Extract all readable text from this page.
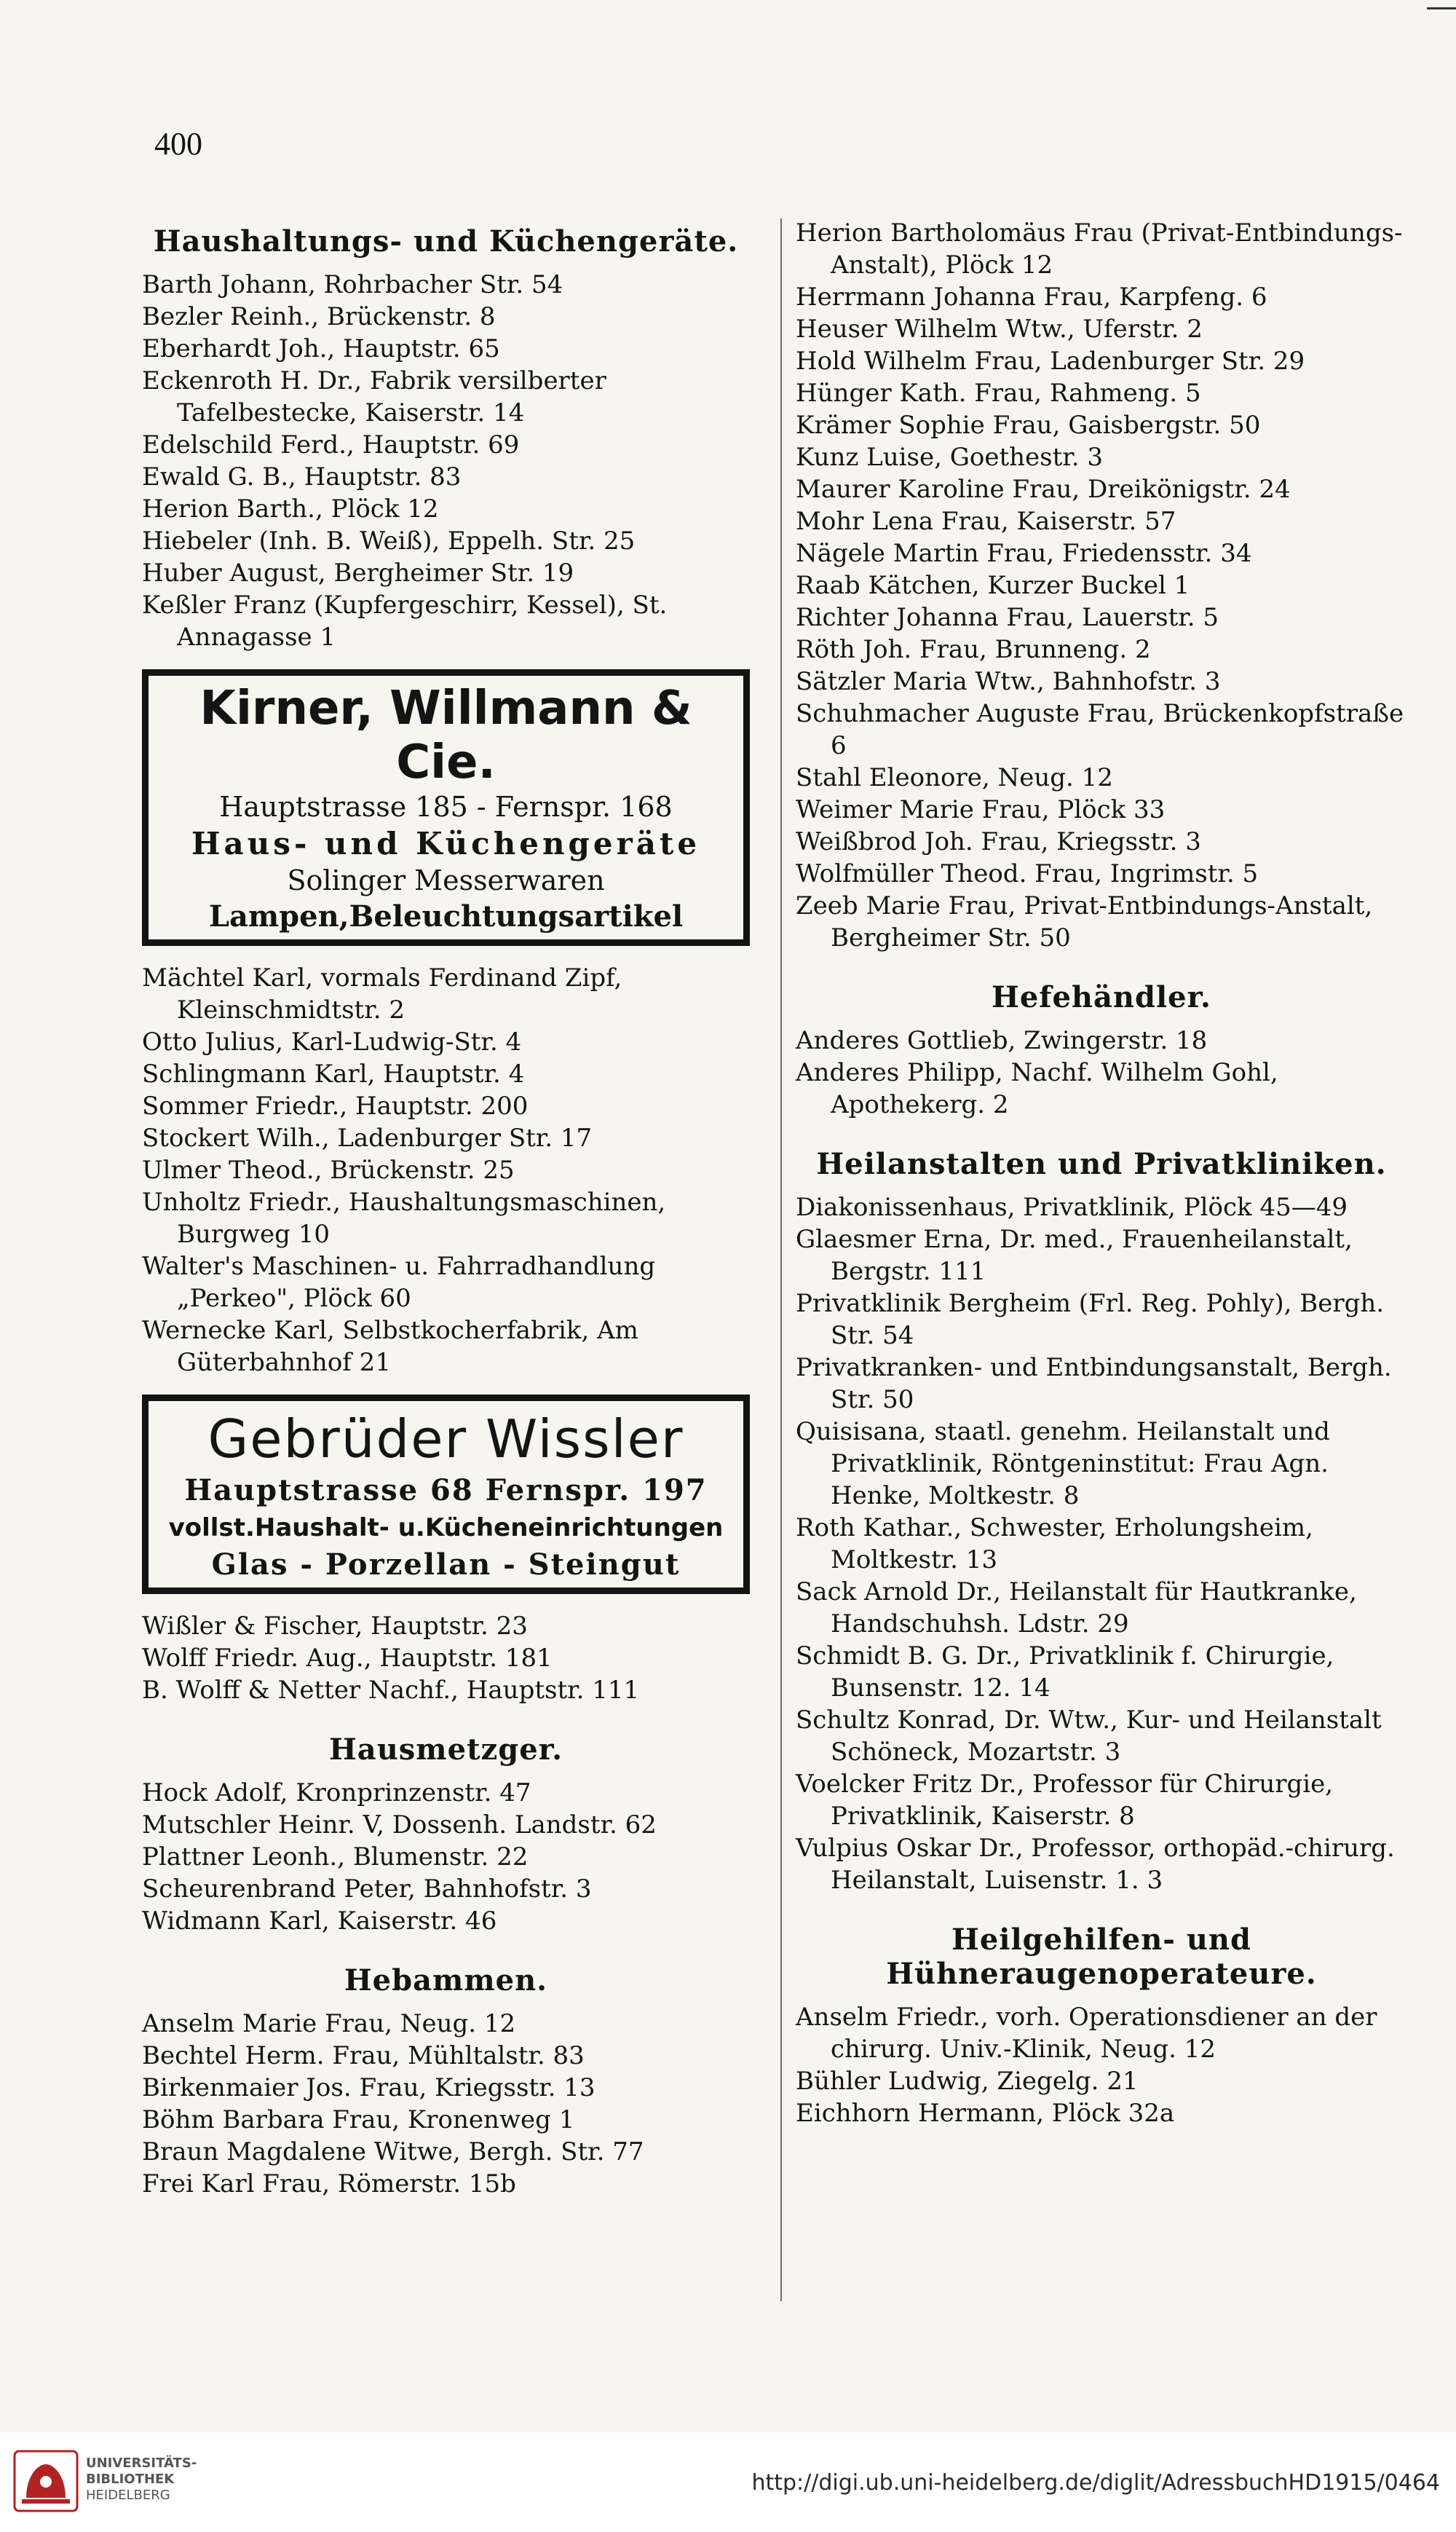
400
Haushaltungs- und Küchengeräte.
Barth Johann, Rohrbacher Str. 54
Bezler Reinh., Brückenstr. 8
Eberhardt Joh., Hauptstr. 65
Eckenroth H. Dr., Fabrik versilberter Tafelbestecke, Kaiserstr. 14
Edelschild Ferd., Hauptstr. 69
Ewald G. B., Hauptstr. 83
Herion Barth., Plöck 12
Hiebeler (Inh. B. Weiß), Eppelh. Str. 25
Huber August, Bergheimer Str. 19
Keßler Franz (Kupfergeschirr, Kessel), St. Annagasse 1
Kirner, Willmann & Cie.
Hauptstrasse 185 - Fernspr. 168
Haus- und Küchengeräte
Solinger Messerwaren
Lampen,Beleuchtungsartikel
Mächtel Karl, vormals Ferdinand Zipf, Kleinschmidtstr. 2
Otto Julius, Karl-Ludwig-Str. 4
Schlingmann Karl, Hauptstr. 4
Sommer Friedr., Hauptstr. 200
Stockert Wilh., Ladenburger Str. 17
Ulmer Theod., Brückenstr. 25
Unholtz Friedr., Haushaltungsmaschinen, Burgweg 10
Walter's Maschinen- u. Fahrradhandlung „Perkeo", Plöck 60
Wernecke Karl, Selbstkocherfabrik, Am Güterbahnhof 21
Gebrüder Wissler
Hauptstrasse 68 Fernspr. 197
vollst.Haushalt- u.Kücheneinrichtungen
Glas - Porzellan - Steingut
Wißler & Fischer, Hauptstr. 23
Wolff Friedr. Aug., Hauptstr. 181
B. Wolff & Netter Nachf., Hauptstr. 111
Hausmetzger.
Hock Adolf, Kronprinzenstr. 47
Mutschler Heinr. V, Dossenh. Landstr. 62
Plattner Leonh., Blumenstr. 22
Scheurenbrand Peter, Bahnhofstr. 3
Widmann Karl, Kaiserstr. 46
Hebammen.
Anselm Marie Frau, Neug. 12
Bechtel Herm. Frau, Mühltalstr. 83
Birkenmaier Jos. Frau, Kriegsstr. 13
Böhm Barbara Frau, Kronenweg 1
Braun Magdalene Witwe, Bergh. Str. 77
Frei Karl Frau, Römerstr. 15b
Herion Bartholomäus Frau (Privat-Entbindungs-Anstalt), Plöck 12
Herrmann Johanna Frau, Karpfeng. 6
Heuser Wilhelm Wtw., Uferstr. 2
Hold Wilhelm Frau, Ladenburger Str. 29
Hünger Kath. Frau, Rahmeng. 5
Krämer Sophie Frau, Gaisbergstr. 50
Kunz Luise, Goethestr. 3
Maurer Karoline Frau, Dreikönigstr. 24
Mohr Lena Frau, Kaiserstr. 57
Nägele Martin Frau, Friedensstr. 34
Raab Kätchen, Kurzer Buckel 1
Richter Johanna Frau, Lauerstr. 5
Röth Joh. Frau, Brunneng. 2
Sätzler Maria Wtw., Bahnhofstr. 3
Schuhmacher Auguste Frau, Brückenkopfstraße 6
Stahl Eleonore, Neug. 12
Weimer Marie Frau, Plöck 33
Weißbrod Joh. Frau, Kriegsstr. 3
Wolfmüller Theod. Frau, Ingrimstr. 5
Zeeb Marie Frau, Privat-Entbindungs-Anstalt, Bergheimer Str. 50
Hefehändler.
Anderes Gottlieb, Zwingerstr. 18
Anderes Philipp, Nachf. Wilhelm Gohl, Apothekerg. 2
Heilanstalten und Privatkliniken.
Diakonissenhaus, Privatklinik, Plöck 45—49
Glaesmer Erna, Dr. med., Frauenheilanstalt, Bergstr. 111
Privatklinik Bergheim (Frl. Reg. Pohly), Bergh. Str. 54
Privatkranken- und Entbindungsanstalt, Bergh. Str. 50
Quisisana, staatl. genehm. Heilanstalt und Privatklinik, Röntgeninstitut: Frau Agn. Henke, Moltkestr. 8
Roth Kathar., Schwester, Erholungsheim, Moltkestr. 13
Sack Arnold Dr., Heilanstalt für Hautkranke, Handschuhsh. Ldstr. 29
Schmidt B. G. Dr., Privatklinik f. Chirurgie, Bunsenstr. 12. 14
Schultz Konrad, Dr. Wtw., Kur- und Heilanstalt Schöneck, Mozartstr. 3
Voelcker Fritz Dr., Professor für Chirurgie, Privatklinik, Kaiserstr. 8
Vulpius Oskar Dr., Professor, orthopäd.-chirurg. Heilanstalt, Luisenstr. 1. 3
Heilgehilfen- und Hühneraugenoperateure.
Anselm Friedr., vorh. Operationsdiener an der chirurg. Univ.-Klinik, Neug. 12
Bühler Ludwig, Ziegelg. 21
Eichhorn Hermann, Plöck 32a
UNIVERSITÄTS-
BIBLIOTHEK
HEIDELBERG	http://digi.ub.uni-heidelberg.de/diglit/AdressbuchHD1915/0464
